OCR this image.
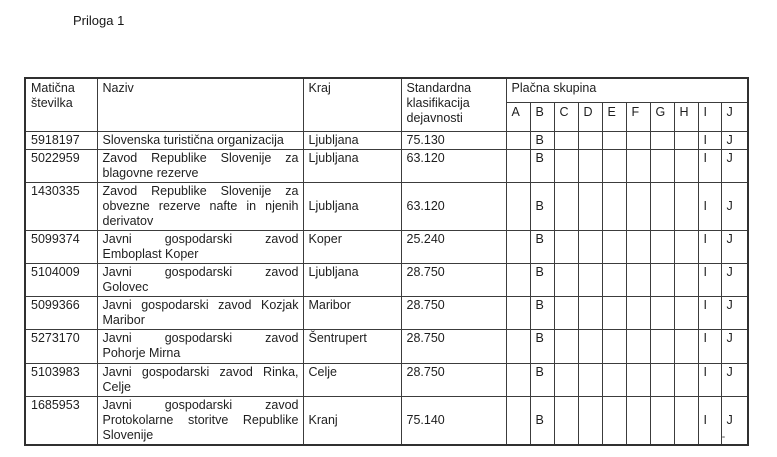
Priloga 1
Matična številka	Naziv	Kraj	Standardna klasifikacija dejavnosti	Plačna skupina									
				A	B	C	D	E	F	G	H	I	J
5918197	Slovenska turistična organizacija	Ljubljana	75.130		B							I	J
5022959	Zavod Republike Slovenije za
blagovne rezerve	Ljubljana	63.120		B							I	J
1430335	Zavod Republike Slovenije za
obvezne rezerve nafte in njenih
derivatov	Ljubljana	63.120		B							I	J
5099374	Javni gospodarski zavod
Emboplast Koper	Koper	25.240		B							I	J
5104009	Javni gospodarski zavod
Golovec	Ljubljana	28.750		B							I	J
5099366	Javni gospodarski zavod Kozjak
Maribor	Maribor	28.750		B							I	J
5273170	Javni gospodarski zavod
Pohorje Mirna	Šentrupert	28.750		B							I	J
5103983	Javni gospodarski zavod Rinka,
Celje	Celje	28.750		B							I	J
1685953	Javni gospodarski zavod
Protokolarne storitve Republike
Slovenije	Kranj	75.140		B							I	J
